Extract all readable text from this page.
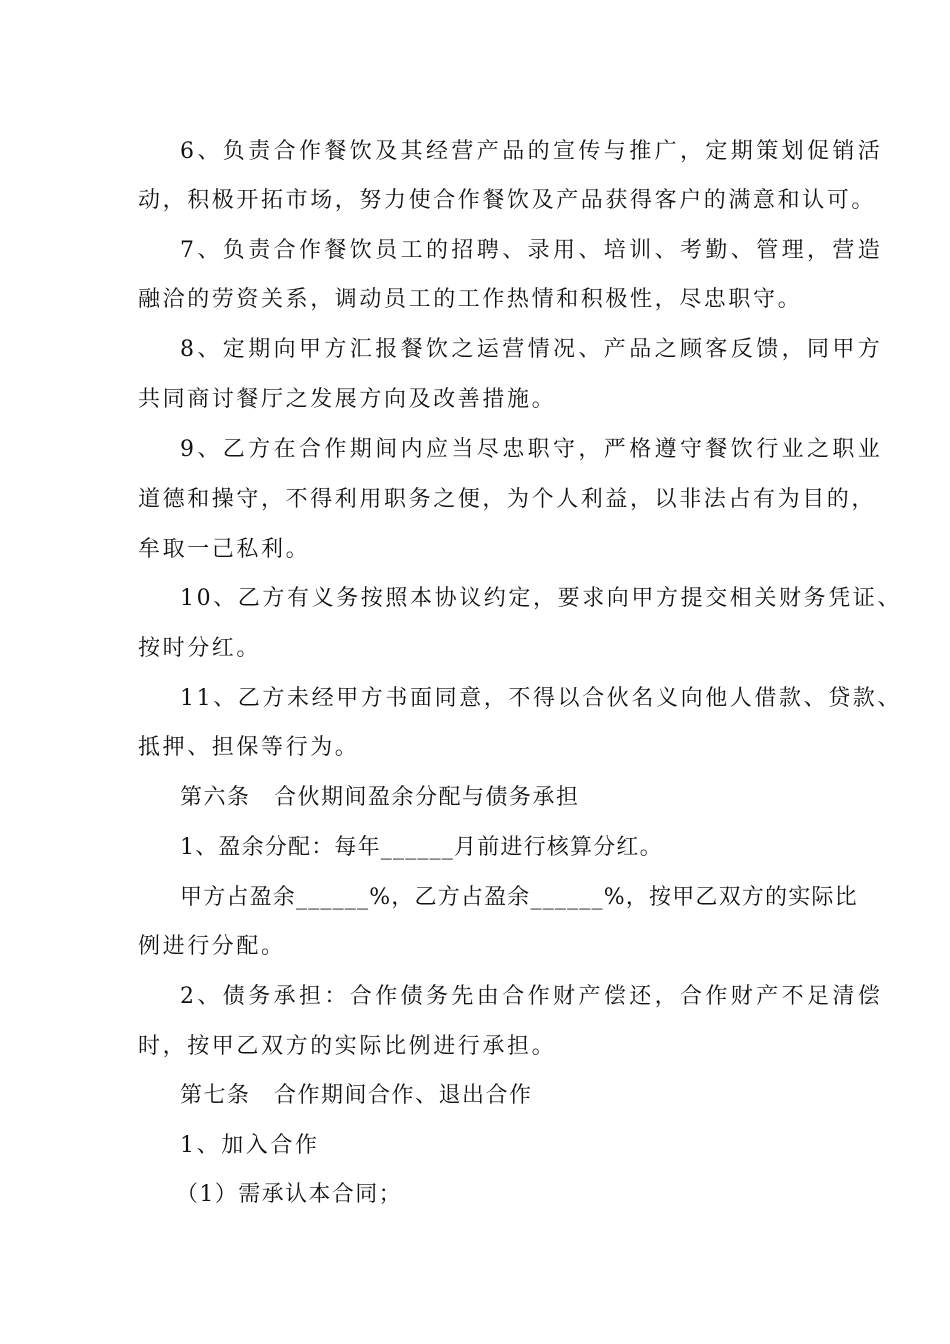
6、负责合作餐饮及其经营产品的宣传与推广，定期策划促销活
动，积极开拓市场，努力使合作餐饮及产品获得客户的满意和认可。
7、负责合作餐饮员工的招聘、录用、培训、考勤、管理，营造
融洽的劳资关系，调动员工的工作热情和积极性，尽忠职守。
8、定期向甲方汇报餐饮之运营情况、产品之顾客反馈，同甲方
共同商讨餐厅之发展方向及改善措施。
9、乙方在合作期间内应当尽忠职守，严格遵守餐饮行业之职业
道德和操守，不得利用职务之便，为个人利益，以非法占有为目的，
牟取一己私利。
10、乙方有义务按照本协议约定，要求向甲方提交相关财务凭证、
按时分红。
11、乙方未经甲方书面同意，不得以合伙名义向他人借款、贷款、
抵押、担保等行为。
第六条　合伙期间盈余分配与债务承担
1、盈余分配：每年______月前进行核算分红。
甲方占盈余______%，乙方占盈余______%，按甲乙双方的实际比
例进行分配。
2、债务承担：合作债务先由合作财产偿还，合作财产不足清偿
时，按甲乙双方的实际比例进行承担。
第七条　合作期间合作、退出合作
1、加入合作
（1）需承认本合同；
